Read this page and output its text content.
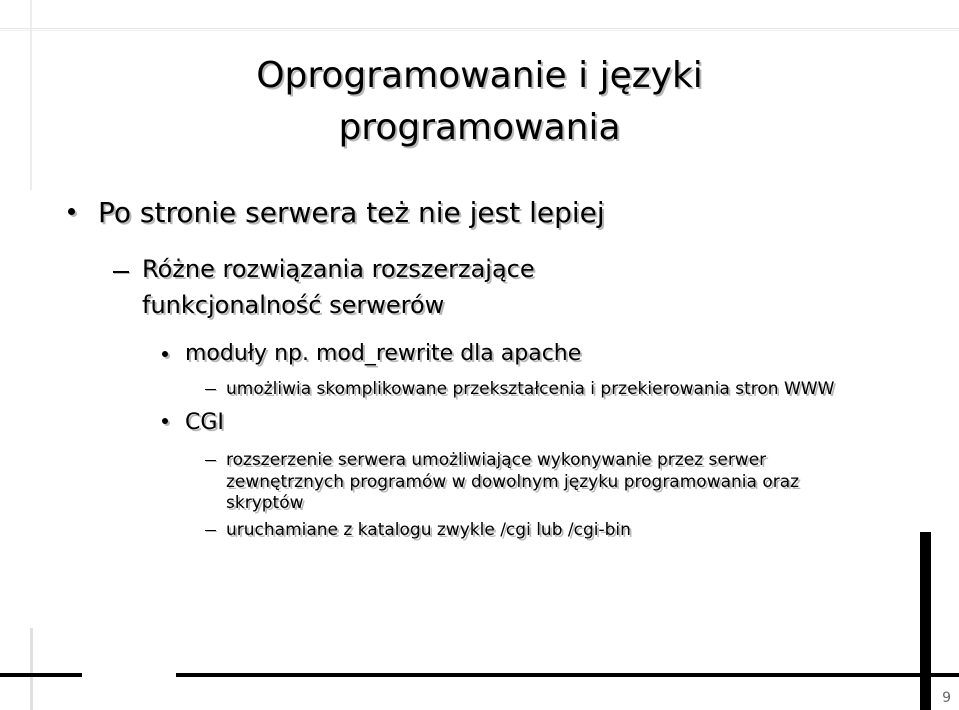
Oprogramowanie i języki
programowania
Po stronie serwera też nie jest lepiej
Różne rozwiązania rozszerzające
funkcjonalność serwerów
moduły np. mod_rewrite dla apache
umożliwia skomplikowane przekształcenia i przekierowania stron WWW
CGI
rozszerzenie serwera umożliwiające wykonywanie przez serwer
zewnętrznych programów w dowolnym języku programowania oraz
skryptów
uruchamiane z katalogu zwykle /cgi lub /cgi-bin
9
